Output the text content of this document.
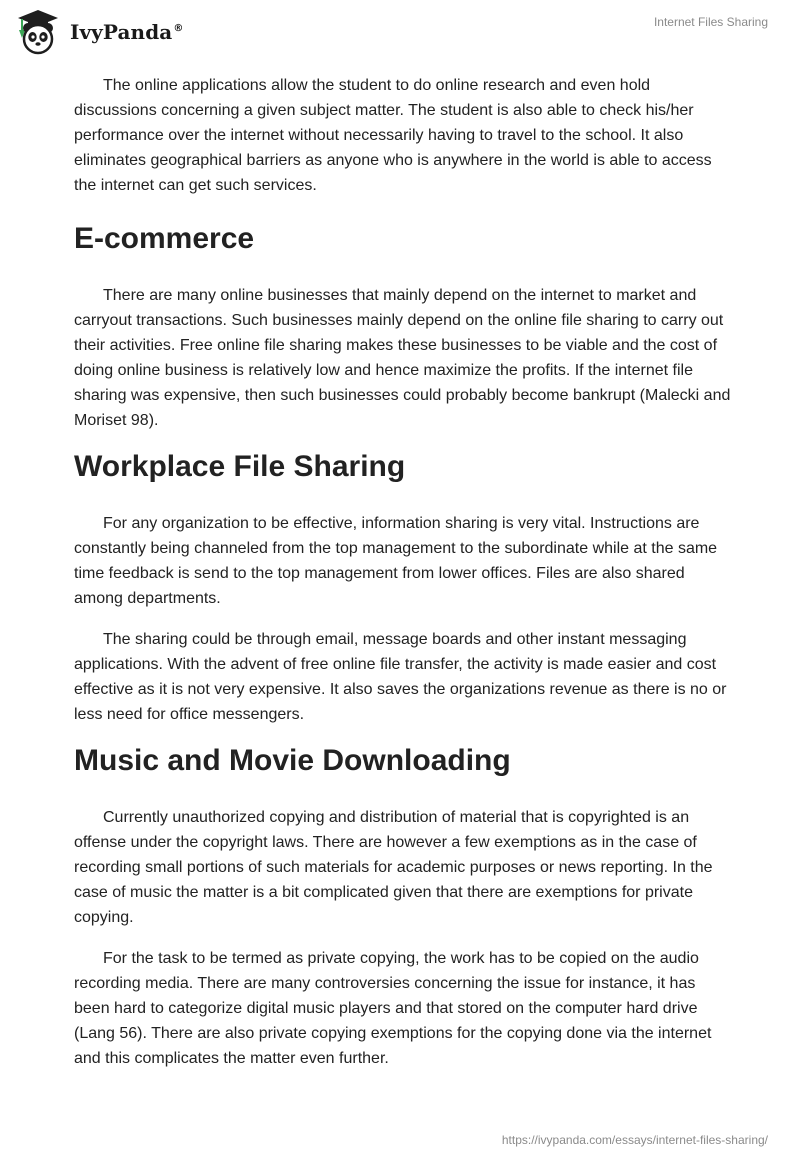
IvyPanda®	Internet Files Sharing

The online applications allow the student to do online research and even hold discussions concerning a given subject matter. The student is also able to check his/her performance over the internet without necessarily having to travel to the school. It also eliminates geographical barriers as anyone who is anywhere in the world is able to access the internet can get such services.

E-commerce

There are many online businesses that mainly depend on the internet to market and carryout transactions. Such businesses mainly depend on the online file sharing to carry out their activities. Free online file sharing makes these businesses to be viable and the cost of doing online business is relatively low and hence maximize the profits. If the internet file sharing was expensive, then such businesses could probably become bankrupt (Malecki and Moriset 98).

Workplace File Sharing

For any organization to be effective, information sharing is very vital. Instructions are constantly being channeled from the top management to the subordinate while at the same time feedback is send to the top management from lower offices. Files are also shared among departments.

The sharing could be through email, message boards and other instant messaging applications. With the advent of free online file transfer, the activity is made easier and cost effective as it is not very expensive. It also saves the organizations revenue as there is no or less need for office messengers.

Music and Movie Downloading

Currently unauthorized copying and distribution of material that is copyrighted is an offense under the copyright laws. There are however a few exemptions as in the case of recording small portions of such materials for academic purposes or news reporting. In the case of music the matter is a bit complicated given that there are exemptions for private copying.

For the task to be termed as private copying, the work has to be copied on the audio recording media. There are many controversies concerning the issue for instance, it has been hard to categorize digital music players and that stored on the computer hard drive (Lang 56). There are also private copying exemptions for the copying done via the internet and this complicates the matter even further.

https://ivypanda.com/essays/internet-files-sharing/
